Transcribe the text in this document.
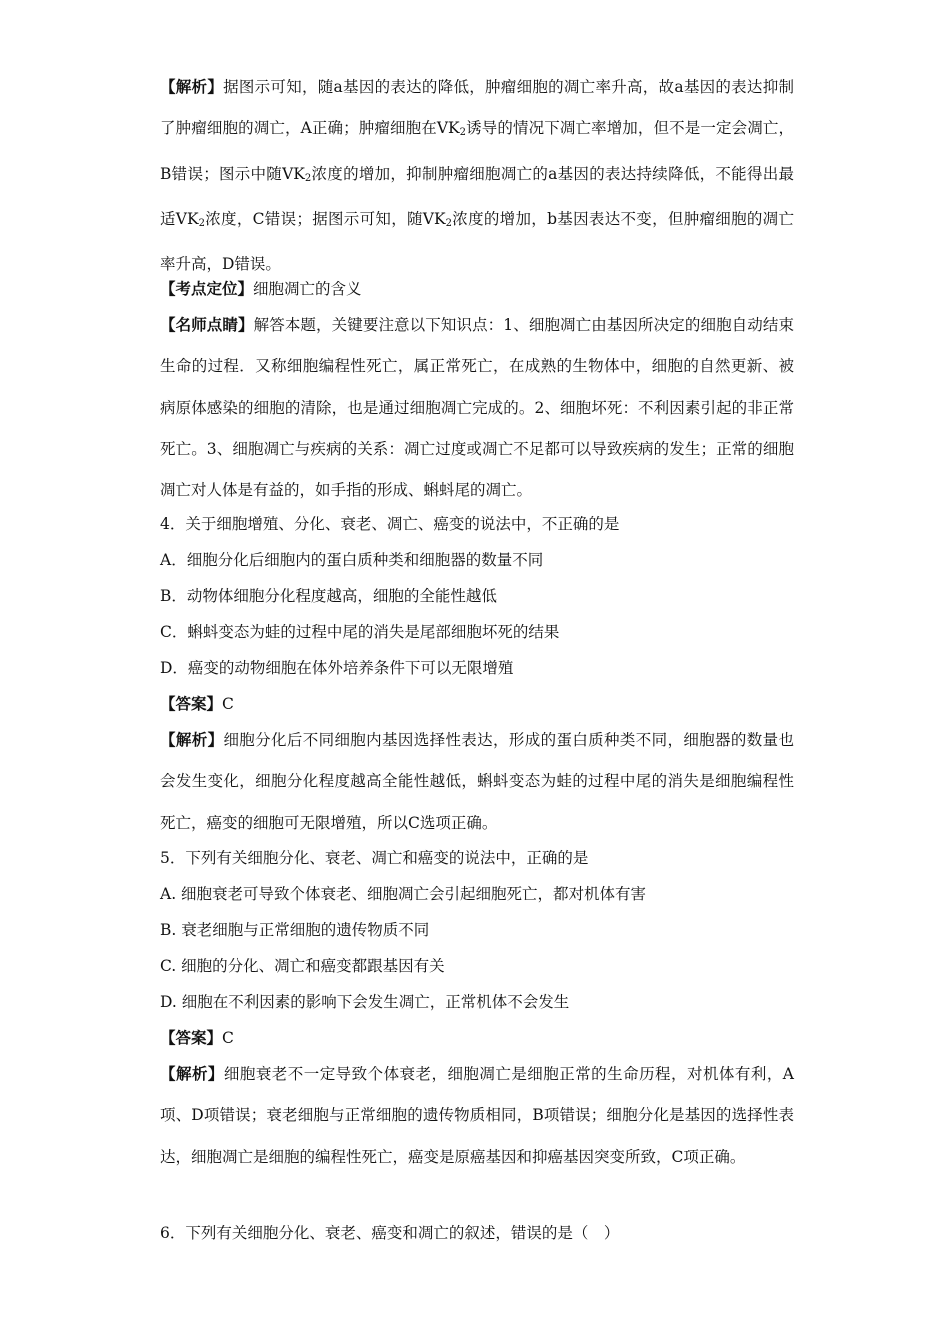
【解析】据图示可知，随a基因的表达的降低，肿瘤细胞的凋亡率升高，故a基因的表达抑制了肿瘤细胞的凋亡，A正确；肿瘤细胞在$VK_2$诱导的情况下凋亡率增加，但不是一定会凋亡，B错误；图示中随$VK_2$浓度的增加，抑制肿瘤细胞凋亡的a基因的表达持续降低，不能得出最适$VK_2$浓度，C错误；据图示可知，随$VK_2$浓度的增加，b基因表达不变，但肿瘤细胞的凋亡率升高，D错误。
【考点定位】细胞凋亡的含义
【名师点睛】解答本题，关键要注意以下知识点：1、细胞凋亡由基因所决定的细胞自动结束生命的过程．又称细胞编程性死亡，属正常死亡，在成熟的生物体中，细胞的自然更新、被病原体感染的细胞的清除，也是通过细胞凋亡完成的。2、细胞坏死：不利因素引起的非正常死亡。3、细胞凋亡与疾病的关系：凋亡过度或凋亡不足都可以导致疾病的发生；正常的细胞凋亡对人体是有益的，如手指的形成、蝌蚪尾的凋亡。
4．关于细胞增殖、分化、衰老、凋亡、癌变的说法中，不正确的是
A．细胞分化后细胞内的蛋白质种类和细胞器的数量不同
B．动物体细胞分化程度越高，细胞的全能性越低
C．蝌蚪变态为蛙的过程中尾的消失是尾部细胞坏死的结果
D．癌变的动物细胞在体外培养条件下可以无限增殖
【答案】C
【解析】细胞分化后不同细胞内基因选择性表达，形成的蛋白质种类不同，细胞器的数量也会发生变化，细胞分化程度越高全能性越低，蝌蚪变态为蛙的过程中尾的消失是细胞编程性死亡，癌变的细胞可无限增殖，所以C选项正确。
5．下列有关细胞分化、衰老、凋亡和癌变的说法中，正确的是
A. 细胞衰老可导致个体衰老、细胞凋亡会引起细胞死亡，都对机体有害
B. 衰老细胞与正常细胞的遗传物质不同
C. 细胞的分化、凋亡和癌变都跟基因有关
D. 细胞在不利因素的影响下会发生凋亡，正常机体不会发生
【答案】C
【解析】细胞衰老不一定导致个体衰老，细胞凋亡是细胞正常的生命历程，对机体有利，A项、D项错误；衰老细胞与正常细胞的遗传物质相同，B项错误；细胞分化是基因的选择性表达，细胞凋亡是细胞的编程性死亡，癌变是原癌基因和抑癌基因突变所致，C项正确。
6．下列有关细胞分化、衰老、癌变和凋亡的叙述，错误的是（　）
